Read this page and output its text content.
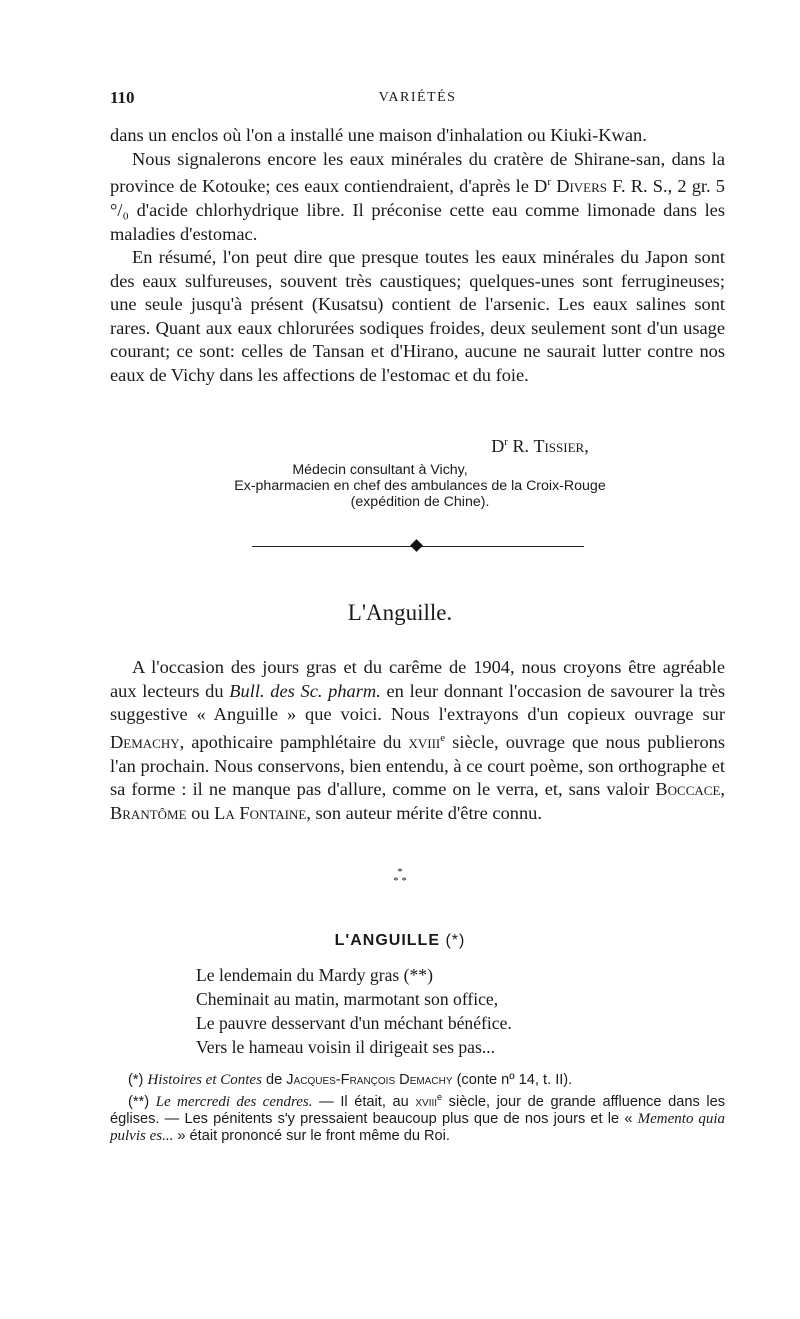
110	VARIÉTÉS

dans un enclos où l'on a installé une maison d'inhalation ou Kiuki-Kwan.

Nous signalerons encore les eaux minérales du cratère de Shirane-san, dans la province de Kotouke; ces eaux contiendraient, d'après le $D^r$ Divers F. R. S., 2 gr. 5 °/₀ d'acide chlorhydrique libre. Il préconise cette eau comme limonade dans les maladies d'estomac.

En résumé, l'on peut dire que presque toutes les eaux minérales du Japon sont des eaux sulfureuses, souvent très caustiques; quelques-unes sont ferrugineuses; une seule jusqu'à présent (Kusatsu) contient de l'arsenic. Les eaux salines sont rares. Quant aux eaux chlorurées sodiques froides, deux seulement sont d'un usage courant; ce sont: celles de Tansan et d'Hirano, aucune ne saurait lutter contre nos eaux de Vichy dans les affections de l'estomac et du foie.

$D^r$ R. Tissier,
Médecin consultant à Vichy,
Ex-pharmacien en chef des ambulances de la Croix-Rouge
(expédition de Chine).
L'Anguille.

A l'occasion des jours gras et du carême de 1904, nous croyons être agréable aux lecteurs du Bull. des Sc. pharm. en leur donnant l'occasion de savourer la très suggestive « Anguille » que voici. Nous l'extrayons d'un copieux ouvrage sur Demachy, apothicaire pamphlétaire du xviii$^e$ siècle, ouvrage que nous publierons l'an prochain. Nous conservons, bien entendu, à ce court poème, son orthographe et sa forme : il ne manque pas d'allure, comme on le verra, et, sans valoir Boccace, Brantôme ou La Fontaine, son auteur mérite d'être connu.

*
* *
L'ANGUILLE (*)
Le lendemain du Mardy gras (**)
Cheminait au matin, marmotant son office,
Le pauvre desservant d'un méchant bénéfice.
Vers le hameau voisin il dirigeait ses pas...

(*) Histoires et Contes de Jacques-François Demachy (conte nº 14, t. II).

(**) Le mercredi des cendres. — Il était, au xviii$^e$ siècle, jour de grande affluence dans les églises. — Les pénitents s'y pressaient beaucoup plus que de nos jours et le « Memento quia pulvis es... » était prononcé sur le front même du Roi.
